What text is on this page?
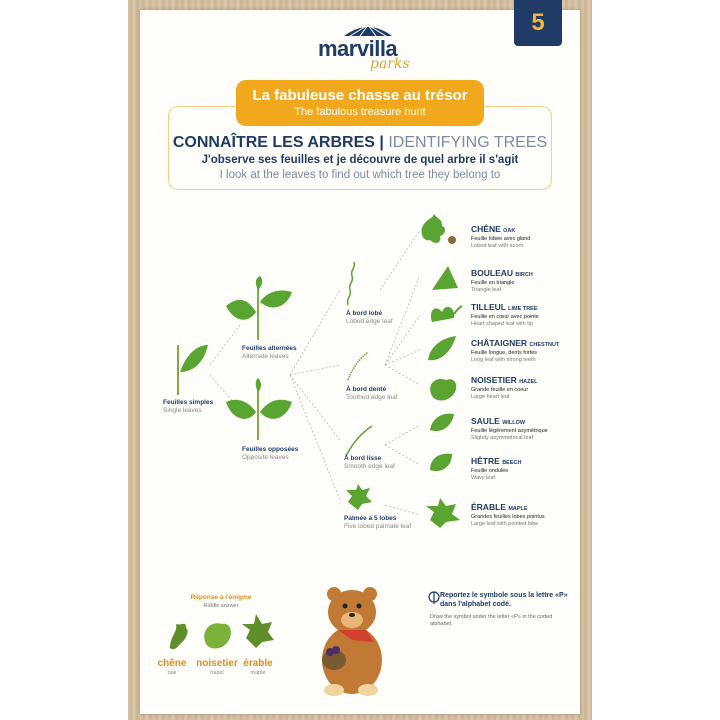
5
marvilla
parks
La fabuleuse chasse au trésor
The fabulous treasure hunt
CONNAÎTRE LES ARBRES | IDENTIFYING TREES
J'observe ses feuilles et je découvre de quel arbre il s'agit
I look at the leaves to find out which tree they belong to
Feuilles simples
Single leaves
Feuilles alternées
Alternate leaves
Feuilles opposées
Opposite leaves
À bord lobé
Lobed edge leaf
À bord denté
Toothed edge leaf
À bord lisse
Smooth edge leaf
Palmée à 5 lobes
Five lobed palmate leaf
CHÊNE OAK
Feuille lobée avec gland
Lobed leaf with acorn
BOULEAU BIRCH
Feuille en triangle
Triangle leaf
TILLEUL LIME TREE
Feuille en cœur avec pointe
Heart shaped leaf with tip
CHÂTAIGNER CHESTNUT
Feuille longue, dents fortes
Long leaf with strong teeth
NOISETIER HAZEL
Grande feuille en coeur
Large heart leaf
SAULE WILLOW
Feuille légèrement asymétrique
Slightly asymmetrical leaf
HÊTRE BEECH
Feuille ondulée
Wavy leaf
ÉRABLE MAPLE
Grandes feuilles lobes pointus
Large leaf with pointed lobe
Réponse à l'énigme
Riddle answer
chêne
oak
noisetier
hazel
érable
maple
Reportez le symbole sous la lettre «P» dans l'alphabet codé.
Draw the symbol under the letter «P» in the coded alphabet.
